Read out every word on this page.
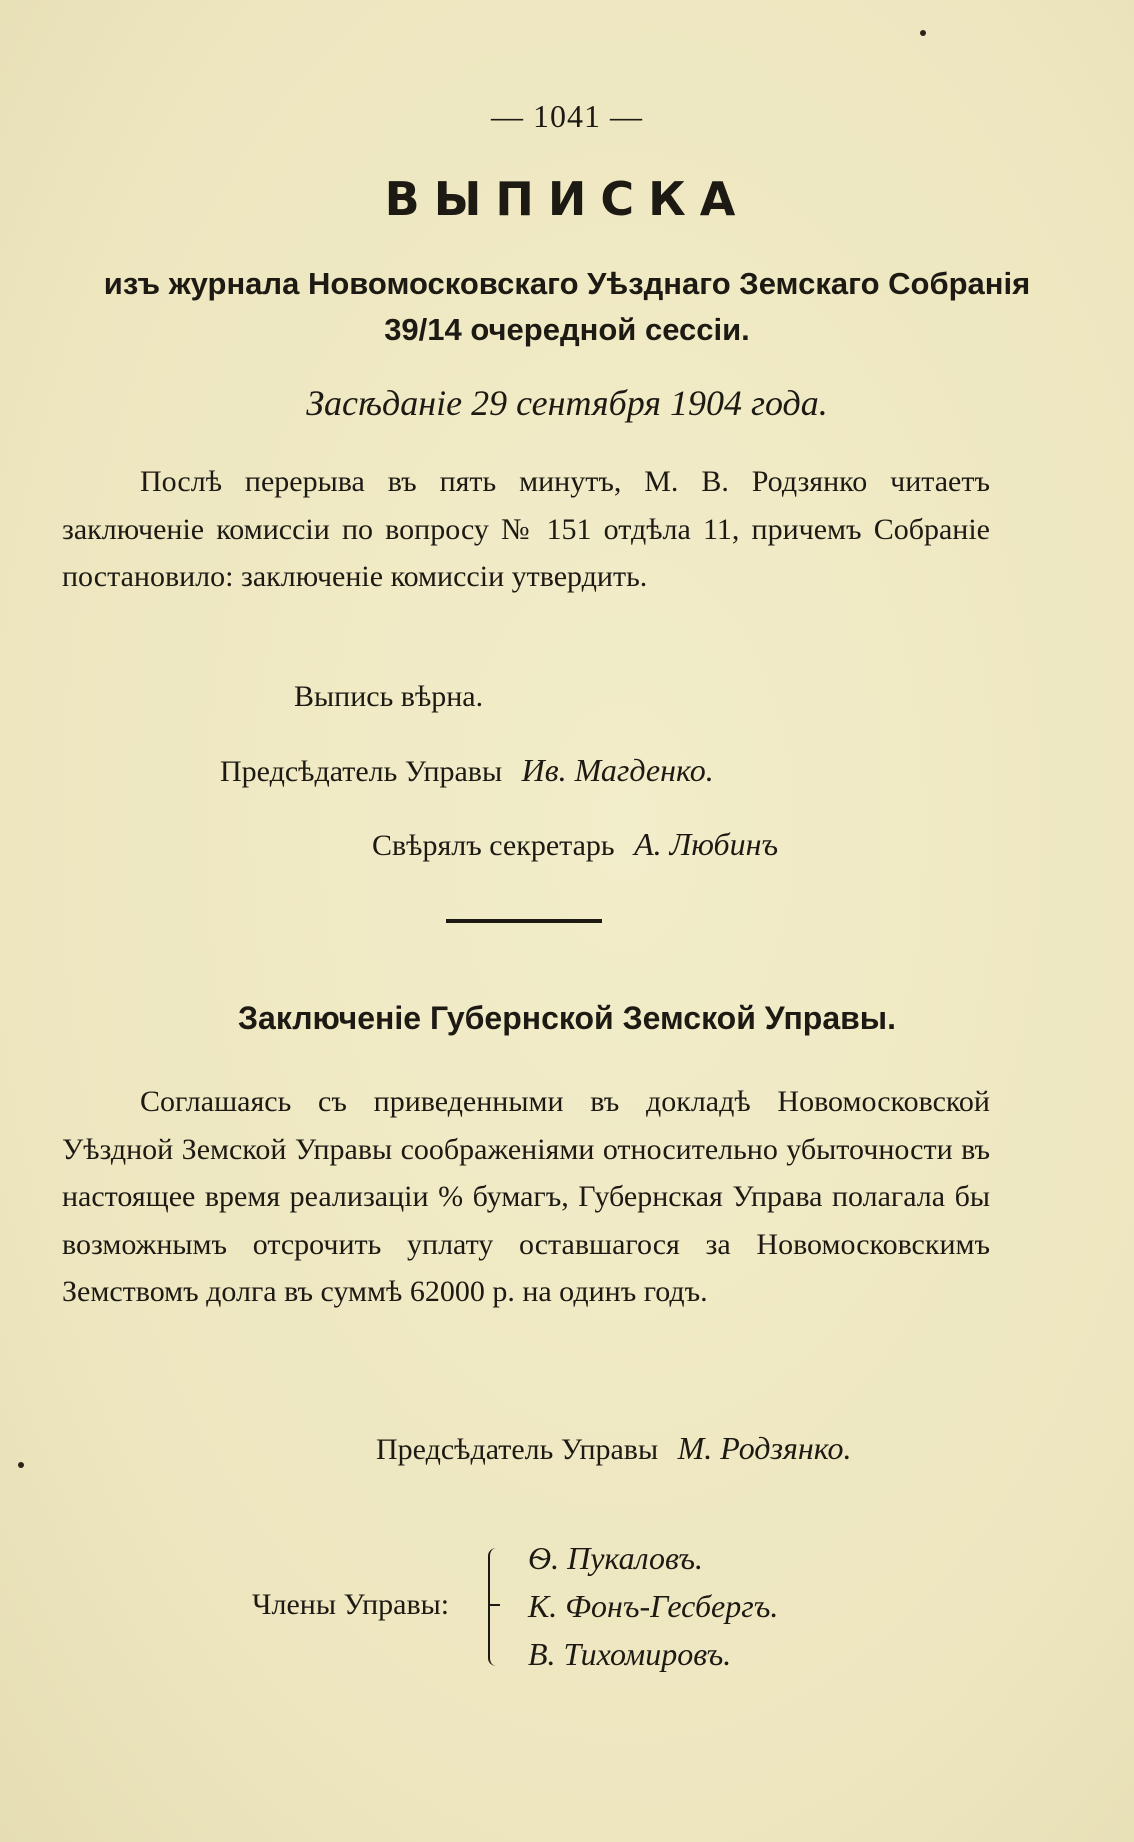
— 1041 —
ВЫПИСКА
изъ журнала Новомосковскаго Уѣзднаго Земскаго Собранія
39/14 очередной сессіи.
Засѣданіе 29 сентября 1904 года.
Послѣ перерыва въ пять минутъ, М. В. Родзянко читаетъ заключеніе комиссіи по вопросу № 151 отдѣла 11, причемъ Собраніе постановило: заключеніе комиссіи утвердить.
Выпись вѣрна.
Предсѣдатель Управы Ив. Магденко.
Свѣрялъ секретарь А. Любинъ
Заключеніе Губернской Земской Управы.
Соглашаясь съ приведенными въ докладѣ Новомосковской Уѣздной Земской Управы соображеніями относительно убыточности въ настоящее время реализаціи % бумагъ, Губернская Управа полагала бы возможнымъ отсрочить уплату оставшагося за Новомосковскимъ Земствомъ долга въ суммѣ 62000 р. на одинъ годъ.
Предсѣдатель Управы М. Родзянко.
Члены Управы:
Ѳ. Пукаловъ.
К. Фонъ-Гесбергъ.
В. Тихомировъ.
